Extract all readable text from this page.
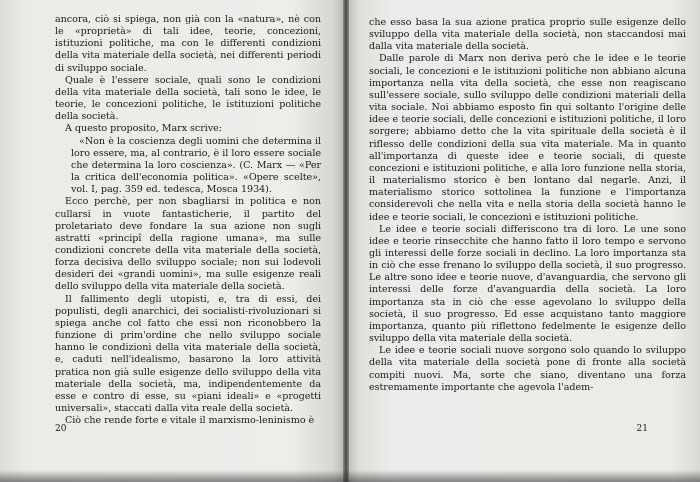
ancora, ciò si spiega, non già con la «natura», nè con le «proprietà» di tali idee, teorie, concezioni, istituzioni politiche, ma con le differenti condizioni della vita materiale della società, nei differenti periodi di sviluppo sociale.

Quale è l'essere sociale, quali sono le condizioni della vita materiale della società, tali sono le idee, le teorie, le concezioni politiche, le istituzioni politiche della società.

A questo proposito, Marx scrive:

«Non è la coscienza degli uomini che determina il loro essere, ma, al contrario, è il loro essere sociale che determina la loro coscienza». (C. Marx — «Per la critica dell'economia politica». «Opere scelte», vol. I, pag. 359 ed. tedesca, Mosca 1934).

Ecco perchè, per non sbagliarsi in politica e non cullarsi in vuote fantasticherie, il partito del proletariato deve fondare la sua azione non sugli astratti «principî della ragione umana», ma sulle condizioni concrete della vita materiale della società, forza decisiva dello sviluppo sociale; non sui lodevoli desideri dei «grandi uomini», ma sulle esigenze reali dello sviluppo della vita materiale della società.

Il fallimento degli utopisti, e, tra di essi, dei populisti, degli anarchici, dei socialisti-rivoluzionari si spiega anche col fatto che essi non riconobbero la funzione di prim'ordine che nello sviluppo sociale hanno le condizioni della vita materiale della società, e, caduti nell'idealismo, basarono la loro attività pratica non già sulle esigenze dello sviluppo della vita materiale della società, ma, indipendentemente da esse e contro di esse, su «piani ideali» e «progetti universali», staccati dalla vita reale della società.

Ciò che rende forte e vitale il marxismo-leninismo è

20

che esso basa la sua azione pratica proprio sulle esigenze dello sviluppo della vita materiale della società, non staccandosi mai dalla vita materiale della società.

Dalle parole di Marx non deriva però che le idee e le teorie sociali, le concezioni e le istituzioni politiche non abbiano alcuna importanza nella vita della società, che esse non reagiscano sull'essere sociale, sullo sviluppo delle condizioni materiali della vita sociale. Noi abbiamo esposto fin qui soltanto l'origine delle idee e teorie sociali, delle concezioni e istituzioni politiche, il loro sorgere; abbiamo detto che la vita spirituale della società è il riflesso delle condizioni della sua vita materiale. Ma in quanto all'importanza di queste idee e teorie sociali, di queste concezioni e istituzioni politiche, e alla loro funzione nella storia, il materialismo storico è ben lontano dal negarle. Anzi, il materialismo storico sottolinea la funzione e l'importanza considerevoli che nella vita e nella storia della società hanno le idee e teorie sociali, le concezioni e istituzioni politiche.

Le idee e teorie sociali differiscono tra di loro. Le une sono idee e teorie rinsecchite che hanno fatto il loro tempo e servono gli interessi delle forze sociali in declino. La loro importanza sta in ciò che esse frenano lo sviluppo della società, il suo progresso. Le altre sono idee e teorie nuove, d'avanguardia, che servono gli interessi delle forze d'avanguardia della società. La loro importanza sta in ciò che esse agevolano lo sviluppo della società, il suo progresso. Ed esse acquistano tanto maggiore importanza, quanto più riflettono fedelmente le esigenze dello sviluppo della vita materiale della società.

Le idee e teorie sociali nuove sorgono solo quando lo sviluppo della vita materiale della società pone di fronte alla società compiti nuovi. Ma, sorte che siano, diventano una forza estremamente importante che agevola l'adem-

21
